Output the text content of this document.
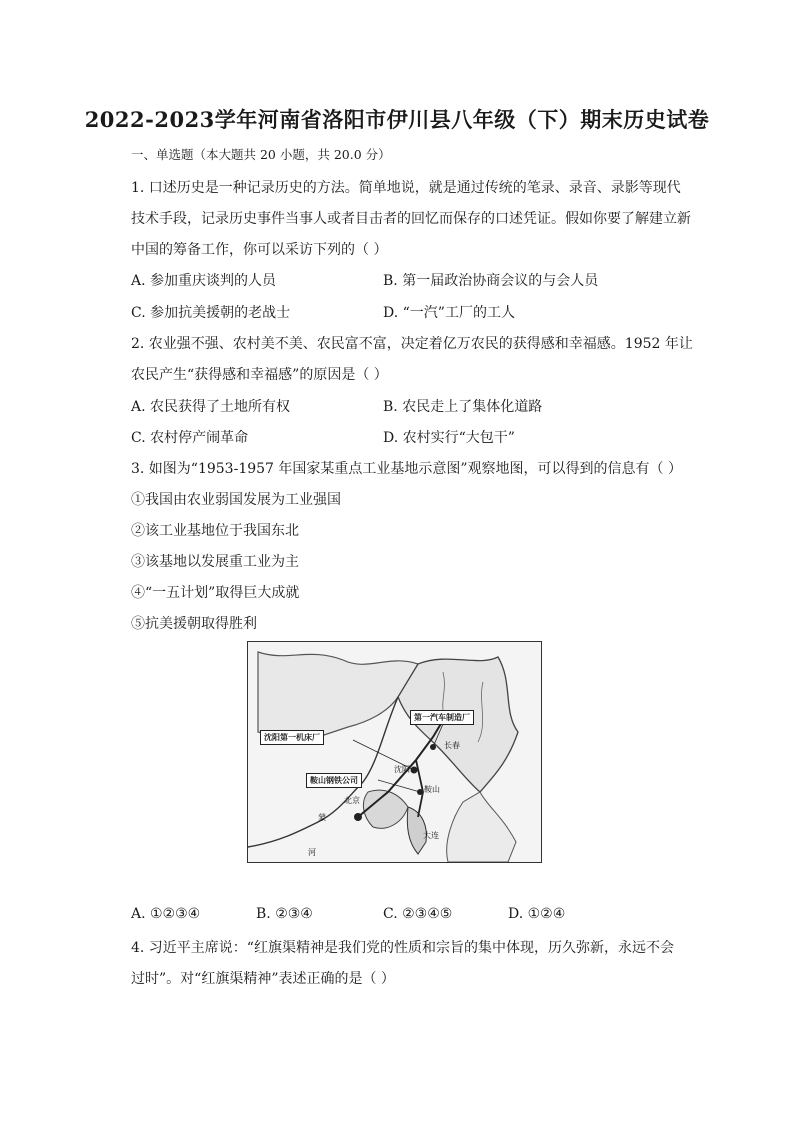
2022-2023学年河南省洛阳市伊川县八年级（下）期末历史试卷
一、单选题（本大题共 20 小题，共 20.0 分）
1. 口述历史是一种记录历史的方法。简单地说，就是通过传统的笔录、录音、录影等现代
技术手段，记录历史事件当事人或者目击者的回忆而保存的口述凭证。假如你要了解建立新
中国的筹备工作，你可以采访下列的（ ）
A. 参加重庆谈判的人员	B. 第一届政治协商会议的与会人员
C. 参加抗美援朝的老战士	D. “一汽”工厂的工人
2. 农业强不强、农村美不美、农民富不富，决定着亿万农民的获得感和幸福感。1952 年让
农民产生“获得感和幸福感”的原因是（ ）
A. 农民获得了土地所有权	B. 农民走上了集体化道路
C. 农村停产闹革命	D. 农村实行“大包干”
3. 如图为“1953-1957 年国家某重点工业基地示意图”观察地图，可以得到的信息有（ ）
①我国由农业弱国发展为工业强国
②该工业基地位于我国东北
③该基地以发展重工业为主
④“一五计划”取得巨大成就
⑤抗美援朝取得胜利
第一汽车制造厂
沈阳第一机床厂
鞍山钢铁公司
长春
沈阳
北京
鞍山
蒙
河
大连
A. ①②③④	B. ②③④	C. ②③④⑤	D. ①②④
4. 习近平主席说：“红旗渠精神是我们党的性质和宗旨的集中体现，历久弥新，永远不会
过时”。对“红旗渠精神”表述正确的是（ ）
